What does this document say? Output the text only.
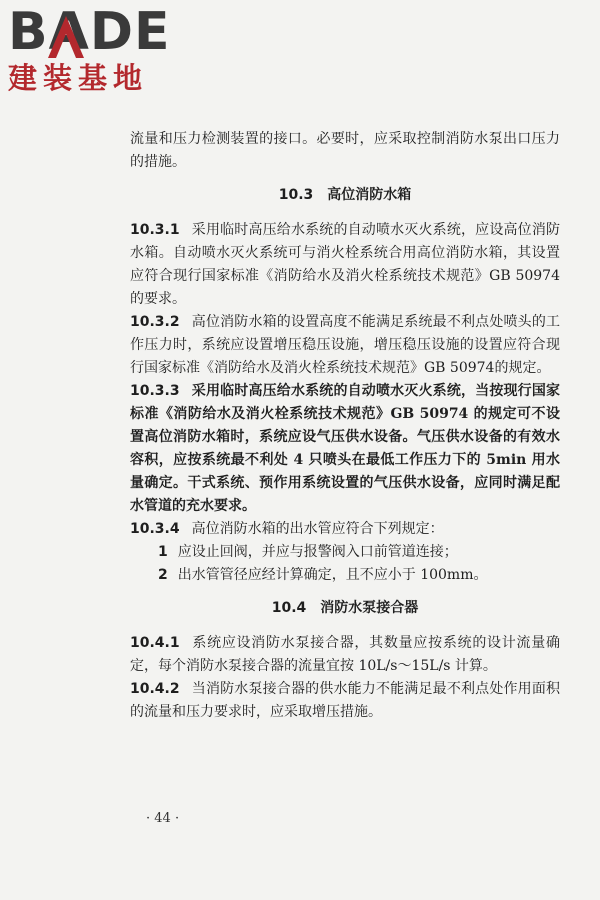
BADE
建装基地

流量和压力检测装置的接口。必要时，应采取控制消防水泵出口压力的措施。

10.3　高位消防水箱

10.3.1 采用临时高压给水系统的自动喷水灭火系统，应设高位消防水箱。自动喷水灭火系统可与消火栓系统合用高位消防水箱，其设置应符合现行国家标准《消防给水及消火栓系统技术规范》GB 50974 的要求。

10.3.2 高位消防水箱的设置高度不能满足系统最不利点处喷头的工作压力时，系统应设置增压稳压设施，增压稳压设施的设置应符合现行国家标准《消防给水及消火栓系统技术规范》GB 50974的规定。

10.3.3 采用临时高压给水系统的自动喷水灭火系统，当按现行国家标准《消防给水及消火栓系统技术规范》GB 50974 的规定可不设置高位消防水箱时，系统应设气压供水设备。气压供水设备的有效水容积，应按系统最不利处 4 只喷头在最低工作压力下的 5min 用水量确定。干式系统、预作用系统设置的气压供水设备，应同时满足配水管道的充水要求。

10.3.4 高位消防水箱的出水管应符合下列规定：

1 应设止回阀，并应与报警阀入口前管道连接；

2 出水管管径应经计算确定，且不应小于 100mm。

10.4　消防水泵接合器

10.4.1 系统应设消防水泵接合器，其数量应按系统的设计流量确定，每个消防水泵接合器的流量宜按 10L/s～15L/s 计算。

10.4.2 当消防水泵接合器的供水能力不能满足最不利点处作用面积的流量和压力要求时，应采取增压措施。

· 44 ·
